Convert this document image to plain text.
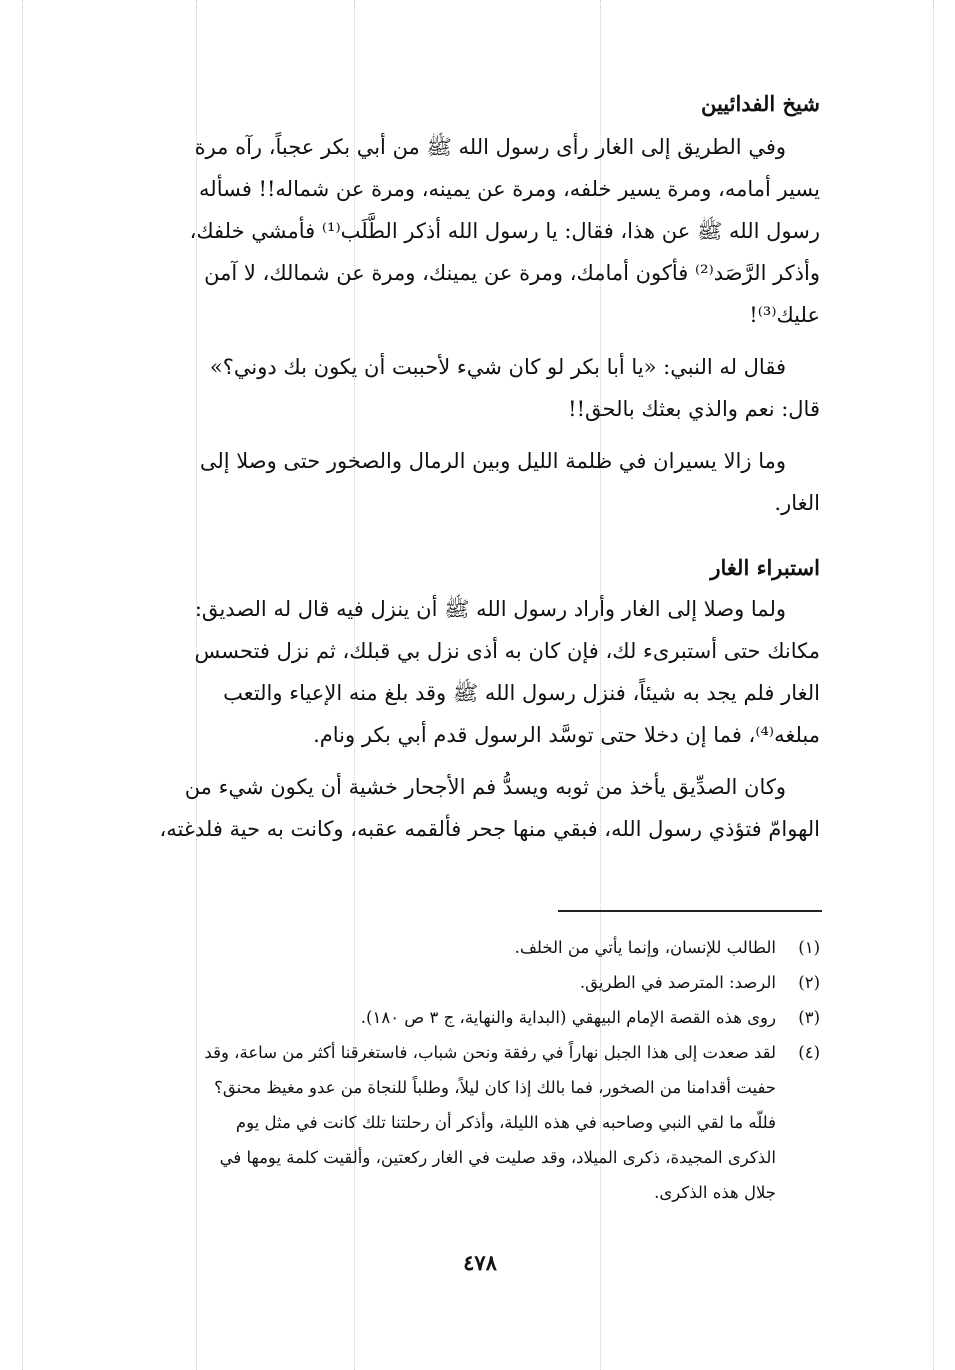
شيخ الفدائيين
وفي الطريق إلى الغار رأى رسول الله ﷺ من أبي بكر عجباً، رآه مرة
يسير أمامه، ومرة يسير خلفه، ومرة عن يمينه، ومرة عن شماله!! فسأله
رسول الله ﷺ عن هذا، فقال: يا رسول الله أذكر الطَّلَب⁽¹⁾ فأمشي خلفك،
وأذكر الرَّصَد⁽²⁾ فأكون أمامك، ومرة عن يمينك، ومرة عن شمالك، لا آمن
عليك⁽³⁾!
فقال له النبي: «يا أبا بكر لو كان شيء لأحببت أن يكون بك دوني؟»
قال: نعم والذي بعثك بالحق!!
وما زالا يسيران في ظلمة الليل وبين الرمال والصخور حتى وصلا إلى
الغار.
استبراء الغار
ولما وصلا إلى الغار وأراد رسول الله ﷺ أن ينزل فيه قال له الصديق:
مكانك حتى أستبرىء لك، فإن كان به أذى نزل بي قبلك، ثم نزل فتحسس
الغار فلم يجد به شيئاً، فنزل رسول الله ﷺ وقد بلغ منه الإعياء والتعب
مبلغه⁽⁴⁾، فما إن دخلا حتى توسَّد الرسول قدم أبي بكر ونام.
وكان الصدِّيق يأخذ من ثوبه ويسدُّ فم الأجحار خشية أن يكون شيء من
الهوامّ فتؤذي رسول الله، فبقي منها جحر فألقمه عقبه، وكانت به حية فلدغته،
(١)
الطالب للإنسان، وإنما يأتي من الخلف.
(٢)
الرصد: المترصد في الطريق.
(٣)
روى هذه القصة الإمام البيهقي (البداية والنهاية، ج ٣ ص ١٨٠).
(٤)
لقد صعدت إلى هذا الجبل نهاراً في رفقة ونحن شباب، فاستغرقنا أكثر من ساعة، وقد
حفيت أقدامنا من الصخور، فما بالك إذا كان ليلاً، وطلباً للنجاة من عدو مغيظ محنق؟
فللّه ما لقي النبي وصاحبه في هذه الليلة، وأذكر أن رحلتنا تلك كانت في مثل يوم
الذكرى المجيدة، ذكرى الميلاد، وقد صليت في الغار ركعتين، وألقيت كلمة يومها في
جلال هذه الذكرى.
٤٧٨
